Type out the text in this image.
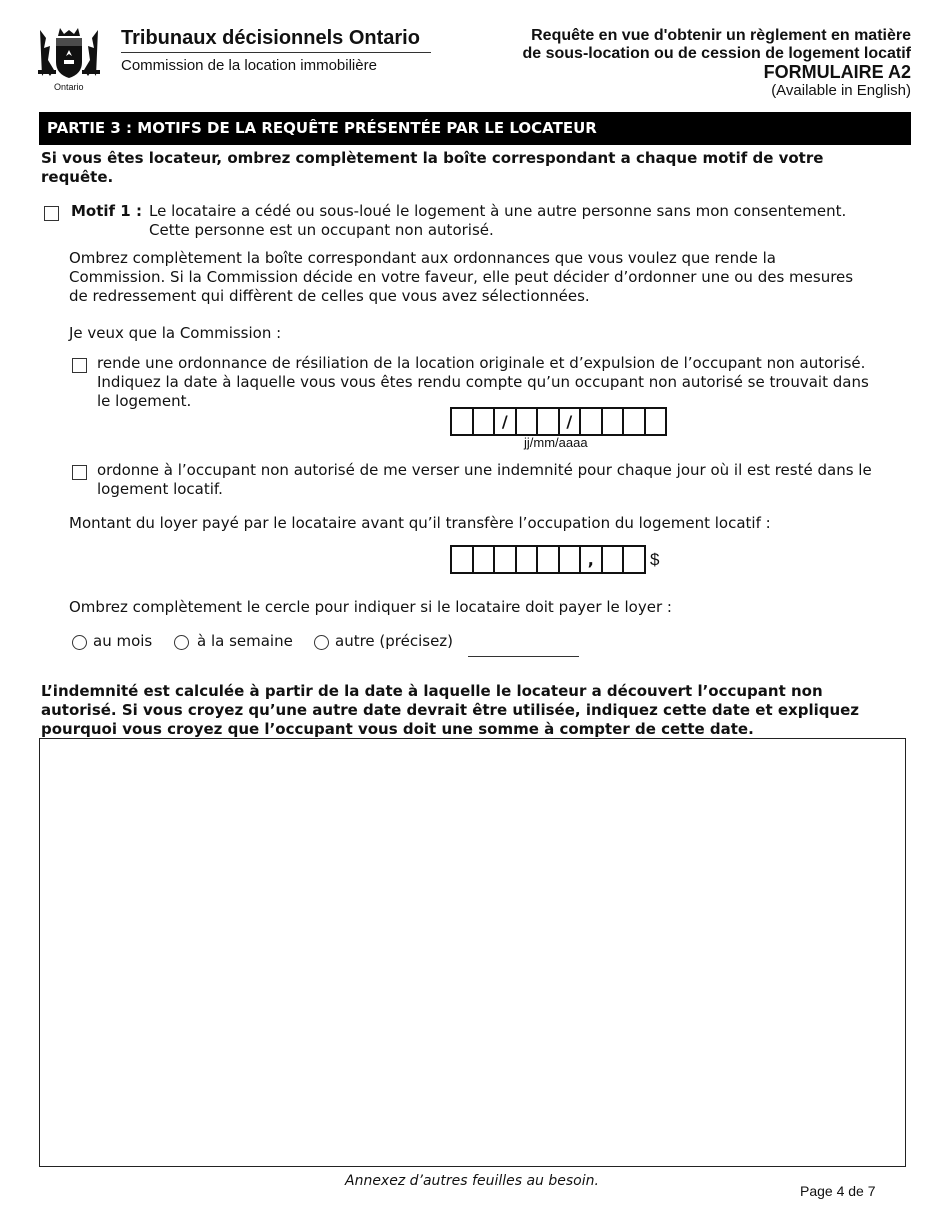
Ontario
Tribunaux décisionnels Ontario
Commission de la location immobilière
Requête en vue d'obtenir un règlement en matière
de sous-location ou de cession de logement locatif
FORMULAIRE A2
(Available in English)
PARTIE 3 : MOTIFS DE LA REQUÊTE PRÉSENTÉE PAR LE LOCATEUR
Si vous êtes locateur, ombrez complètement la boîte correspondant a chaque motif de votre
requête.
Motif 1 : Le locataire a cédé ou sous-loué le logement à une autre personne sans mon consentement.
Cette personne est un occupant non autorisé.
Ombrez complètement la boîte correspondant aux ordonnances que vous voulez que rende la
Commission. Si la Commission décide en votre faveur, elle peut décider d’ordonner une ou des mesures
de redressement qui diffèrent de celles que vous avez sélectionnées.
Je veux que la Commission :
rende une ordonnance de résiliation de la location originale et d’expulsion de l’occupant non autorisé.
Indiquez la date à laquelle vous vous êtes rendu compte qu’un occupant non autorisé se trouvait dans
le logement.
/	/
jj/mm/aaaa
ordonne à l’occupant non autorisé de me verser une indemnité pour chaque jour où il est resté dans le
logement locatif.
Montant du loyer payé par le locataire avant qu’il transfère l’occupation du logement locatif :
,	$
Ombrez complètement le cercle pour indiquer si le locataire doit payer le loyer :
au mois	à la semaine	autre (précisez)
L’indemnité est calculée à partir de la date à laquelle le locateur a découvert l’occupant non
autorisé. Si vous croyez qu’une autre date devrait être utilisée, indiquez cette date et expliquez
pourquoi vous croyez que l’occupant vous doit une somme à compter de cette date.
Annexez d’autres feuilles au besoin.
Page 4 de 7
